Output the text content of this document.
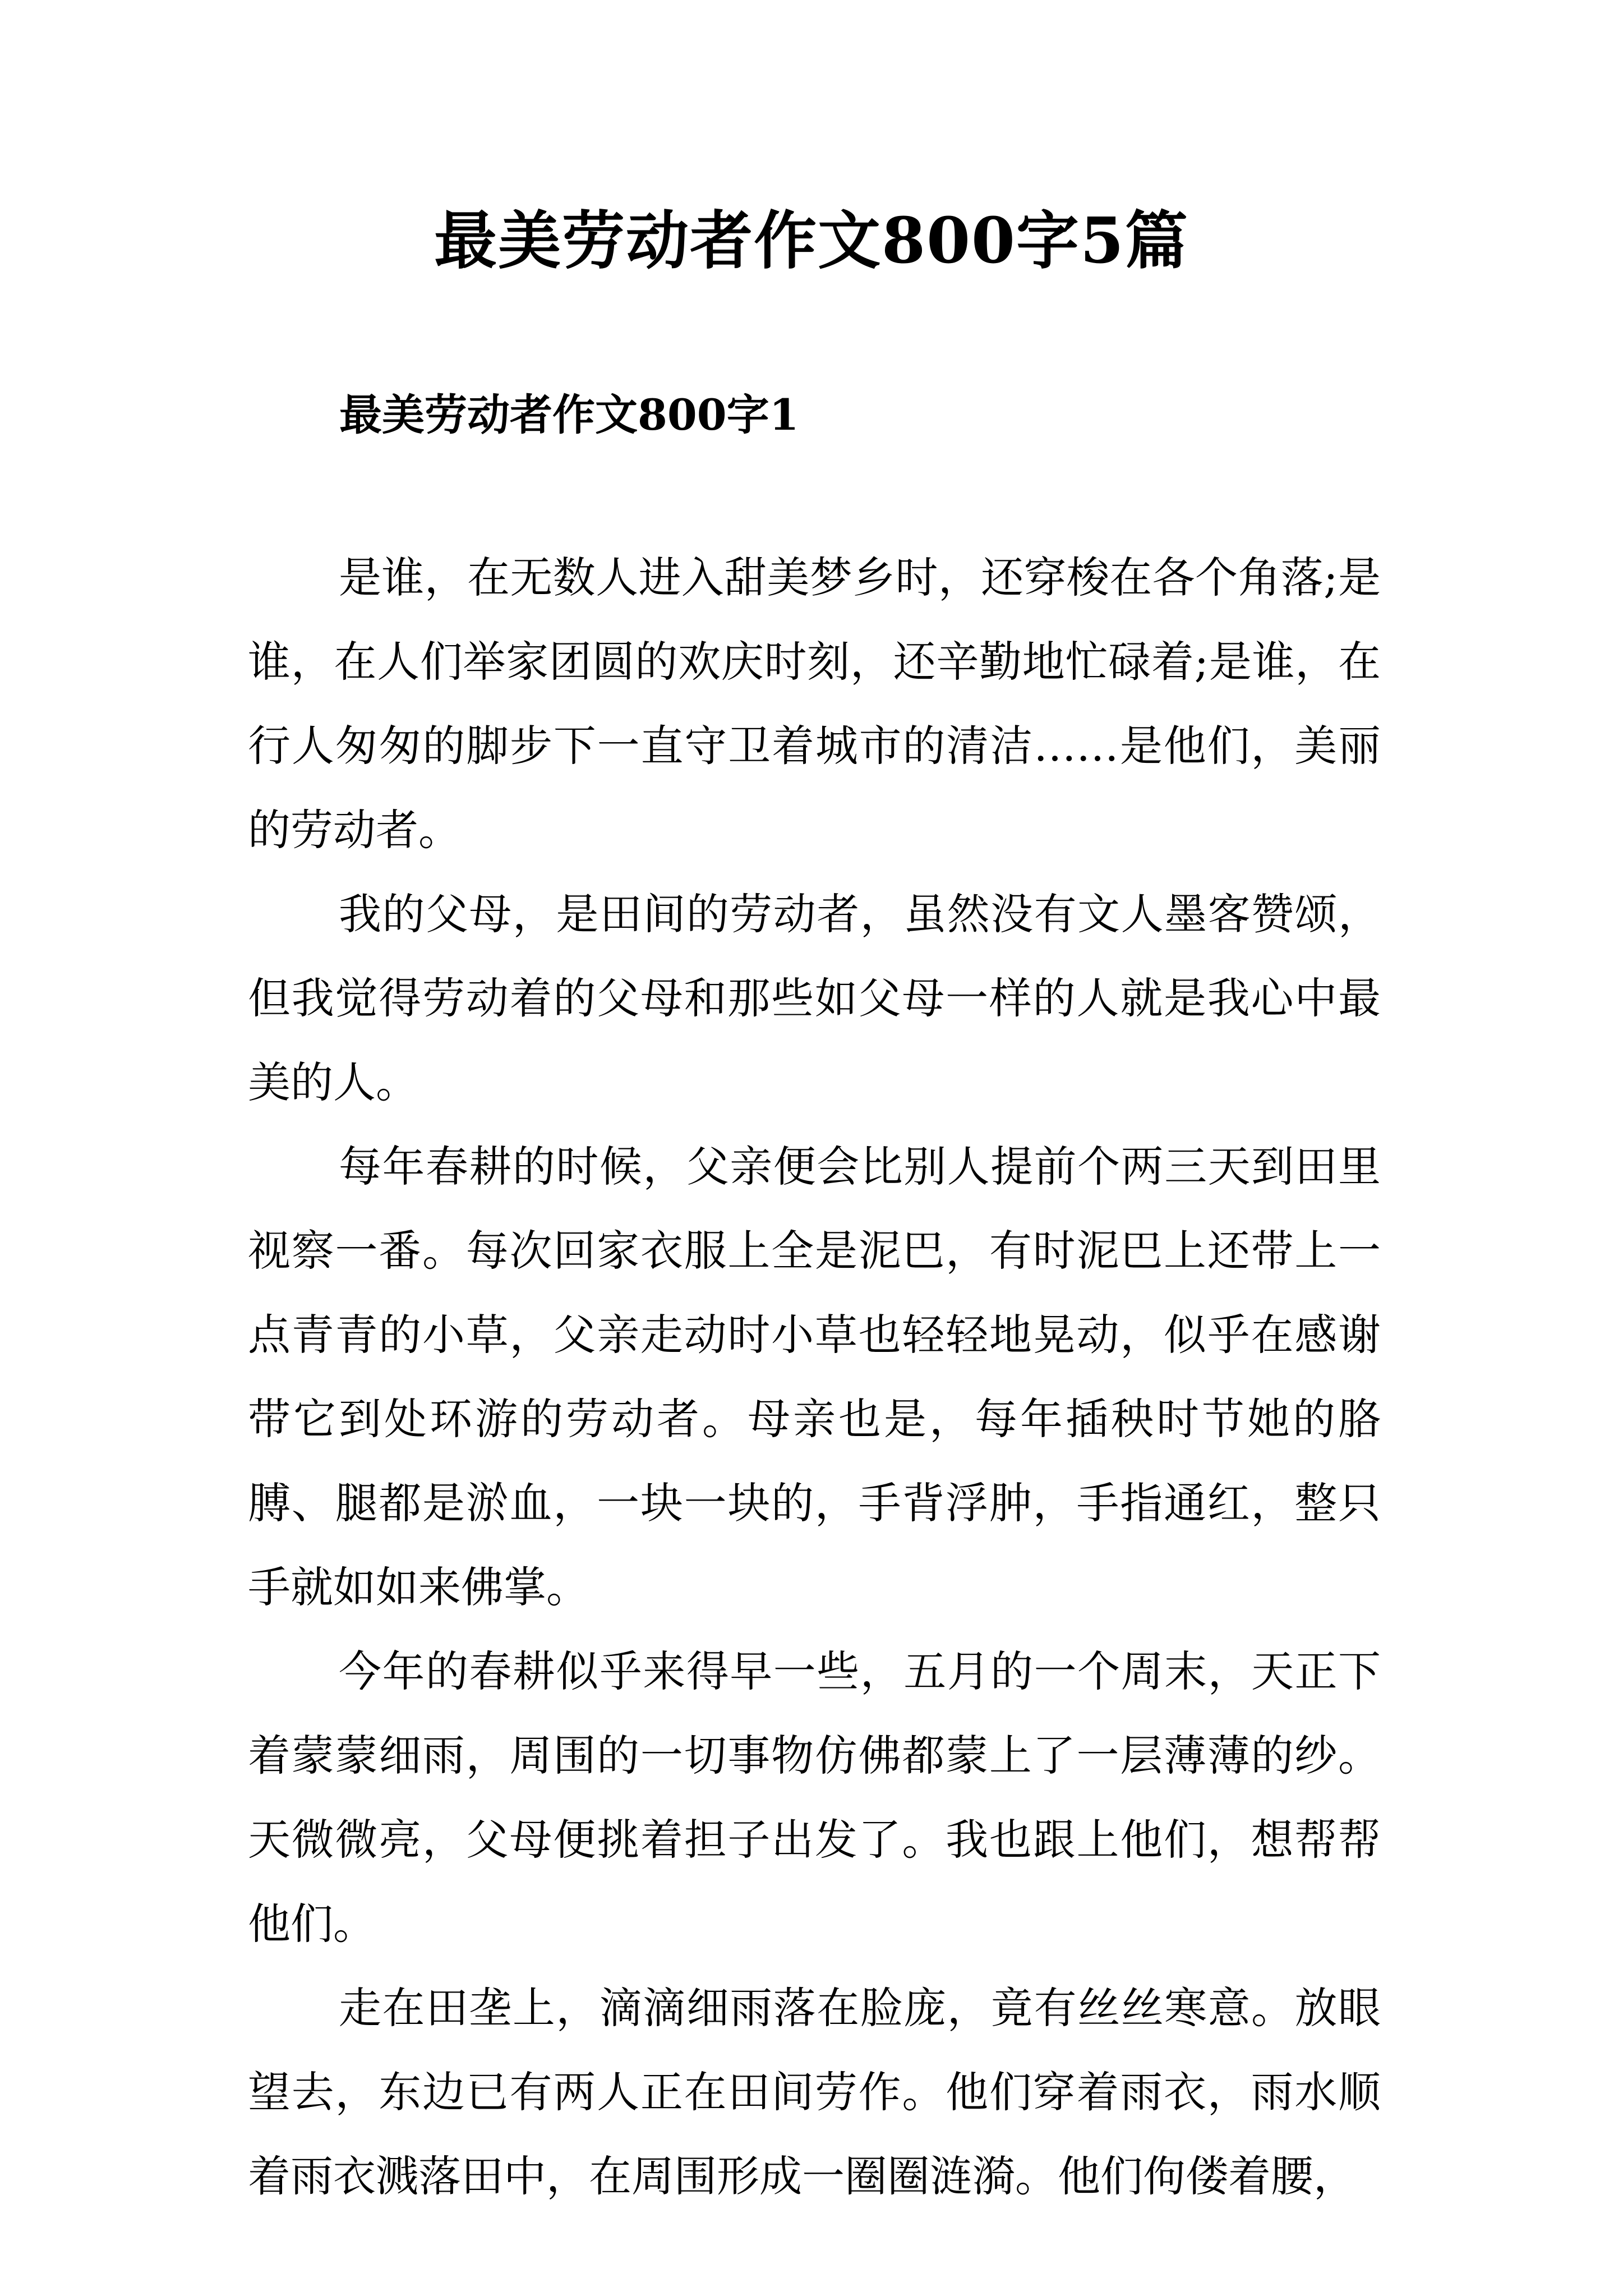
最美劳动者作文800字5篇
最美劳动者作文800字1

是谁，在无数人进入甜美梦乡时，还穿梭在各个角落;是谁，在人们举家团圆的欢庆时刻，还辛勤地忙碌着;是谁，在行人匆匆的脚步下一直守卫着城市的清洁……是他们，美丽的劳动者。

我的父母，是田间的劳动者，虽然没有文人墨客赞颂，但我觉得劳动着的父母和那些如父母一样的人就是我心中最美的人。

每年春耕的时候，父亲便会比别人提前个两三天到田里视察一番。每次回家衣服上全是泥巴，有时泥巴上还带上一点青青的小草，父亲走动时小草也轻轻地晃动，似乎在感谢带它到处环游的劳动者。母亲也是，每年插秧时节她的胳膊、腿都是淤血，一块一块的，手背浮肿，手指通红，整只手就如如来佛掌。

今年的春耕似乎来得早一些，五月的一个周末，天正下着蒙蒙细雨，周围的一切事物仿佛都蒙上了一层薄薄的纱。天微微亮，父母便挑着担子出发了。我也跟上他们，想帮帮他们。

走在田垄上，滴滴细雨落在脸庞，竟有丝丝寒意。放眼望去，东边已有两人正在田间劳作。他们穿着雨衣，雨水顺着雨衣溅落田中，在周围形成一圈圈涟漪。他们佝偻着腰，
